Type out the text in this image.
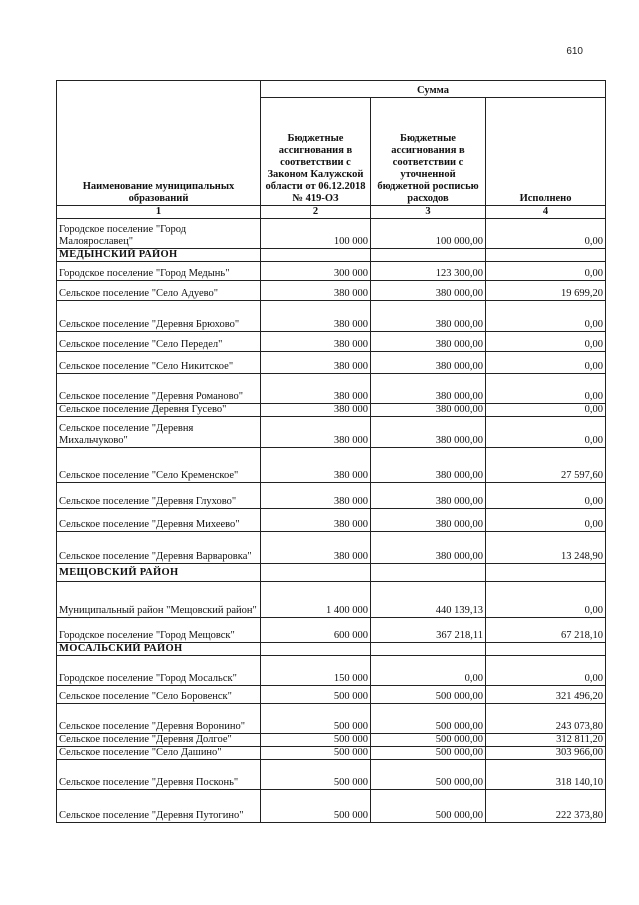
610
Наименование муниципальных образований	Сумма		
	Бюджетные ассигнования в соответствии с Законом Калужской области от 06.12.2018 № 419-ОЗ	Бюджетные ассигнования в соответствии с уточненной бюджетной росписью расходов	Исполнено
1	2	3	4
Городское поселение "Город Малоярославец"	100 000	100 000,00	0,00
МЕДЫНСКИЙ РАЙОН			
Городское поселение "Город Медынь"	300 000	123 300,00	0,00
Сельское поселение "Село Адуево"	380 000	380 000,00	19 699,20
Сельское поселение "Деревня Брюхово"	380 000	380 000,00	0,00
Сельское поселение "Село Передел"	380 000	380 000,00	0,00
Сельское поселение "Село Никитское"	380 000	380 000,00	0,00
Сельское поселение "Деревня Романово"	380 000	380 000,00	0,00
Сельское поселение Деревня Гусево"	380 000	380 000,00	0,00
Сельское поселение "Деревня Михальчуково"	380 000	380 000,00	0,00
Сельское поселение "Село Кременское"	380 000	380 000,00	27 597,60
Сельское поселение "Деревня Глухово"	380 000	380 000,00	0,00
Сельское поселение "Деревня Михеево"	380 000	380 000,00	0,00
Сельское поселение "Деревня Варваровка"	380 000	380 000,00	13 248,90
МЕЩОВСКИЙ РАЙОН			
Муниципальный район "Мещовский район"	1 400 000	440 139,13	0,00
Городское поселение "Город Мещовск"	600 000	367 218,11	67 218,10
МОСАЛЬСКИЙ РАЙОН			
Городское поселение "Город Мосальск"	150 000	0,00	0,00
Сельское поселение "Село Боровенск"	500 000	500 000,00	321 496,20
Сельское поселение "Деревня Воронино"	500 000	500 000,00	243 073,80
Сельское поселение "Деревня Долгое"	500 000	500 000,00	312 811,20
Сельское поселение "Село Дашино"	500 000	500 000,00	303 966,00
Сельское поселение "Деревня Посконь"	500 000	500 000,00	318 140,10
Сельское поселение "Деревня Путогино"	500 000	500 000,00	222 373,80
